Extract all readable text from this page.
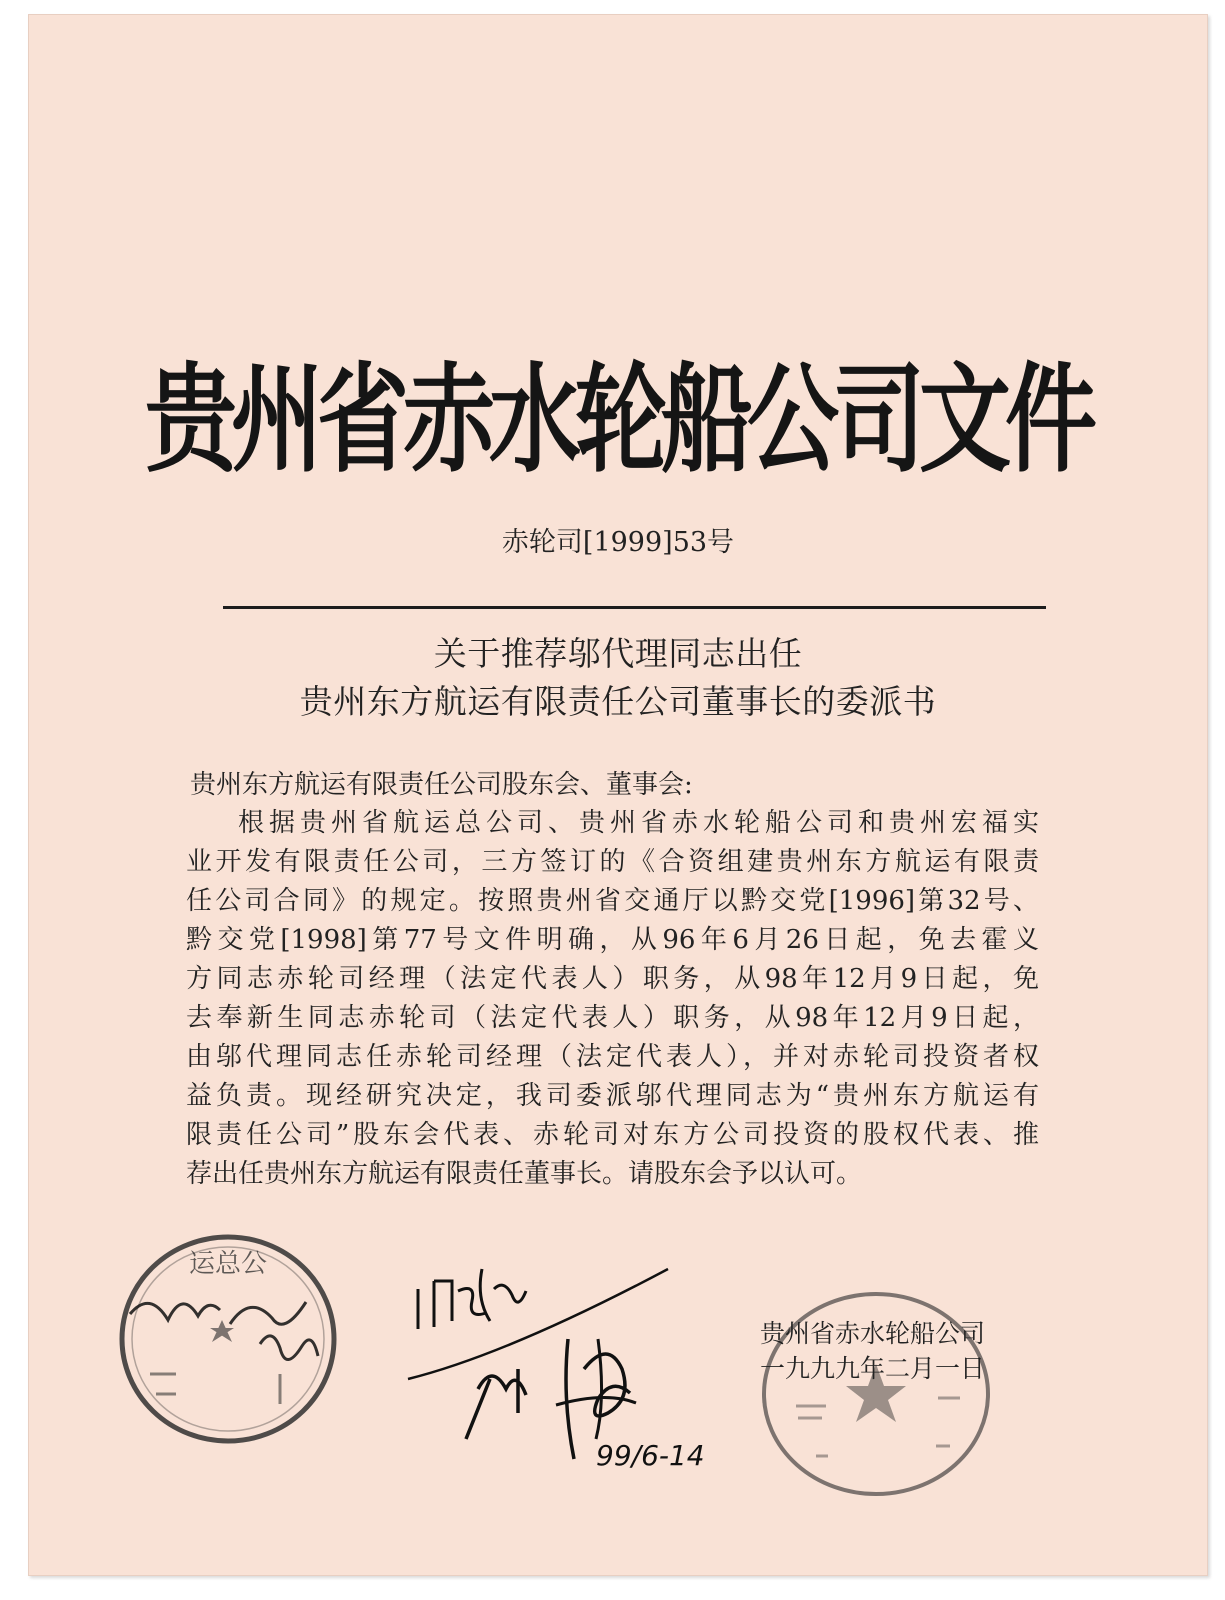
贵州省赤水轮船公司文件
赤轮司[1999]53号
关于推荐邬代理同志出任
贵州东方航运有限责任公司董事长的委派书
贵州东方航运有限责任公司股东会、董事会:
根据贵州省航运总公司、贵州省赤水轮船公司和贵州宏福实
业开发有限责任公司，三方签订的《合资组建贵州东方航运有限责
任公司合同》的规定。按照贵州省交通厅以黔交党[1996]第32号、
黔交党[1998]第77号文件明确，从96年6月26日起，免去霍义
方同志赤轮司经理（法定代表人）职务，从98年12月9日起，免
去奉新生同志赤轮司（法定代表人）职务，从98年12月9日起，
由邬代理同志任赤轮司经理（法定代表人），并对赤轮司投资者权
益负责。现经研究决定，我司委派邬代理同志为“贵州东方航运有
限责任公司”股东会代表、赤轮司对东方公司投资的股权代表、推
荐出任贵州东方航运有限责任董事长。请股东会予以认可。
运总公
99/6-14
贵州省赤水轮船公司
一九九九年二月一日
